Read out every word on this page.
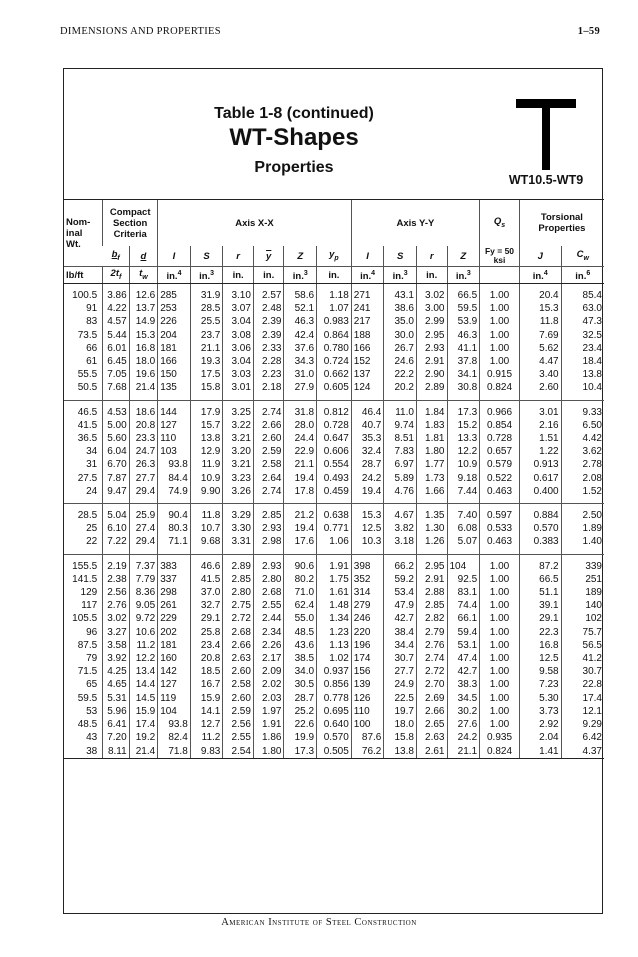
DIMENSIONS AND PROPERTIES	1–59
Table 1-8 (continued)
WT-Shapes
Properties
WT10.5-WT9
Nom-
inal
Wt.	Compact
Section
Criteria		Axis X-X						Axis Y-Y				$Q_s$	Torsional
Properties	
	$b_f$	d	I	S	r	$\overline{y}$	Z	$y_p$	I	S	r	Z	Fy = 50
ksi	J	$C_w$
lb/ft	$2t_f$	$t_w$	in.$^4$	in.$^3$	in.	in.	in.$^3$	in.	in.$^4$	in.$^3$	in.	in.$^3$		in.$^4$	in.$^6$
100.5	3.86	12.6	285	31.9	3.10	2.57	58.6	1.18	271	43.1	3.02	66.5	1.00	20.4	85.4
91	4.22	13.7	253	28.5	3.07	2.48	52.1	1.07	241	38.6	3.00	59.5	1.00	15.3	63.0
83	4.57	14.9	226	25.5	3.04	2.39	46.3	0.983	217	35.0	2.99	53.9	1.00	11.8	47.3
73.5	5.44	15.3	204	23.7	3.08	2.39	42.4	0.864	188	30.0	2.95	46.3	1.00	7.69	32.5
66	6.01	16.8	181	21.1	3.06	2.33	37.6	0.780	166	26.7	2.93	41.1	1.00	5.62	23.4
61	6.45	18.0	166	19.3	3.04	2.28	34.3	0.724	152	24.6	2.91	37.8	1.00	4.47	18.4
55.5	7.05	19.6	150	17.5	3.03	2.23	31.0	0.662	137	22.2	2.90	34.1	0.915	3.40	13.8
50.5	7.68	21.4	135	15.8	3.01	2.18	27.9	0.605	124	20.2	2.89	30.8	0.824	2.60	10.4
46.5	4.53	18.6	144	17.9	3.25	2.74	31.8	0.812	46.4	11.0	1.84	17.3	0.966	3.01	9.33
41.5	5.00	20.8	127	15.7	3.22	2.66	28.0	0.728	40.7	9.74	1.83	15.2	0.854	2.16	6.50
36.5	5.60	23.3	110	13.8	3.21	2.60	24.4	0.647	35.3	8.51	1.81	13.3	0.728	1.51	4.42
34	6.04	24.7	103	12.9	3.20	2.59	22.9	0.606	32.4	7.83	1.80	12.2	0.657	1.22	3.62
31	6.70	26.3	93.8	11.9	3.21	2.58	21.1	0.554	28.7	6.97	1.77	10.9	0.579	0.913	2.78
27.5	7.87	27.7	84.4	10.9	3.23	2.64	19.4	0.493	24.2	5.89	1.73	9.18	0.522	0.617	2.08
24	9.47	29.4	74.9	9.90	3.26	2.74	17.8	0.459	19.4	4.76	1.66	7.44	0.463	0.400	1.52
28.5	5.04	25.9	90.4	11.8	3.29	2.85	21.2	0.638	15.3	4.67	1.35	7.40	0.597	0.884	2.50
25	6.10	27.4	80.3	10.7	3.30	2.93	19.4	0.771	12.5	3.82	1.30	6.08	0.533	0.570	1.89
22	7.22	29.4	71.1	9.68	3.31	2.98	17.6	1.06	10.3	3.18	1.26	5.07	0.463	0.383	1.40
155.5	2.19	7.37	383	46.6	2.89	2.93	90.6	1.91	398	66.2	2.95	104	1.00	87.2	339
141.5	2.38	7.79	337	41.5	2.85	2.80	80.2	1.75	352	59.2	2.91	92.5	1.00	66.5	251
129	2.56	8.36	298	37.0	2.80	2.68	71.0	1.61	314	53.4	2.88	83.1	1.00	51.1	189
117	2.76	9.05	261	32.7	2.75	2.55	62.4	1.48	279	47.9	2.85	74.4	1.00	39.1	140
105.5	3.02	9.72	229	29.1	2.72	2.44	55.0	1.34	246	42.7	2.82	66.1	1.00	29.1	102
96	3.27	10.6	202	25.8	2.68	2.34	48.5	1.23	220	38.4	2.79	59.4	1.00	22.3	75.7
87.5	3.58	11.2	181	23.4	2.66	2.26	43.6	1.13	196	34.4	2.76	53.1	1.00	16.8	56.5
79	3.92	12.2	160	20.8	2.63	2.17	38.5	1.02	174	30.7	2.74	47.4	1.00	12.5	41.2
71.5	4.25	13.4	142	18.5	2.60	2.09	34.0	0.937	156	27.7	2.72	42.7	1.00	9.58	30.7
65	4.65	14.4	127	16.7	2.58	2.02	30.5	0.856	139	24.9	2.70	38.3	1.00	7.23	22.8
59.5	5.31	14.5	119	15.9	2.60	2.03	28.7	0.778	126	22.5	2.69	34.5	1.00	5.30	17.4
53	5.96	15.9	104	14.1	2.59	1.97	25.2	0.695	110	19.7	2.66	30.2	1.00	3.73	12.1
48.5	6.41	17.4	93.8	12.7	2.56	1.91	22.6	0.640	100	18.0	2.65	27.6	1.00	2.92	9.29
43	7.20	19.2	82.4	11.2	2.55	1.86	19.9	0.570	87.6	15.8	2.63	24.2	0.935	2.04	6.42
38	8.11	21.4	71.8	9.83	2.54	1.80	17.3	0.505	76.2	13.8	2.61	21.1	0.824	1.41	4.37
American Institute of Steel Construction
